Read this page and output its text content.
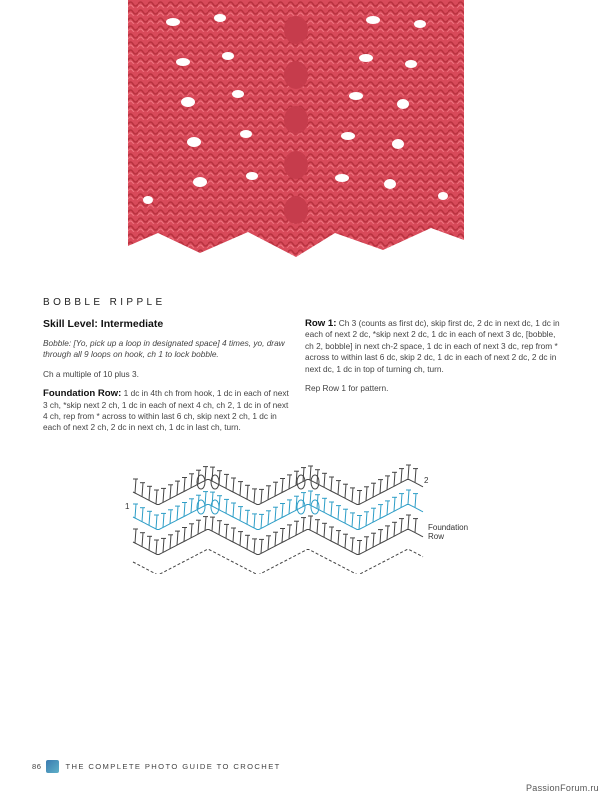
BOBBLE RIPPLE
Skill Level: Intermediate

Bobble: [Yo, pick up a loop in designated space] 4 times, yo, draw through all 9 loops on hook, ch 1 to lock bobble.

Ch a multiple of 10 plus 3.

Foundation Row: 1 dc in 4th ch from hook, 1 dc in each of next 3 ch, *skip next 2 ch, 1 dc in each of next 4 ch, ch 2, 1 dc in of next 4 ch, rep from * across to within last 6 ch, skip next 2 ch, 1 dc in each of next 2 ch, 2 dc in next ch, 1 dc in last ch, turn.

Row 1: Ch 3 (counts as first dc), skip first dc, 2 dc in next dc, 1 dc in each of next 2 dc, *skip next 2 dc, 1 dc in each of next 3 dc, [bobble, ch 2, bobble] in next ch-2 space, 1 dc in each of next 3 dc, rep from * across to within last 6 dc, skip 2 dc, 1 dc in each of next 2 dc, 2 dc in next dc, 1 dc in top of turning ch, turn.

Rep Row 1 for pattern.

1
2
Foundation
Row
86	THE COMPLETE PHOTO GUIDE TO CROCHET
PassionForum.ru
